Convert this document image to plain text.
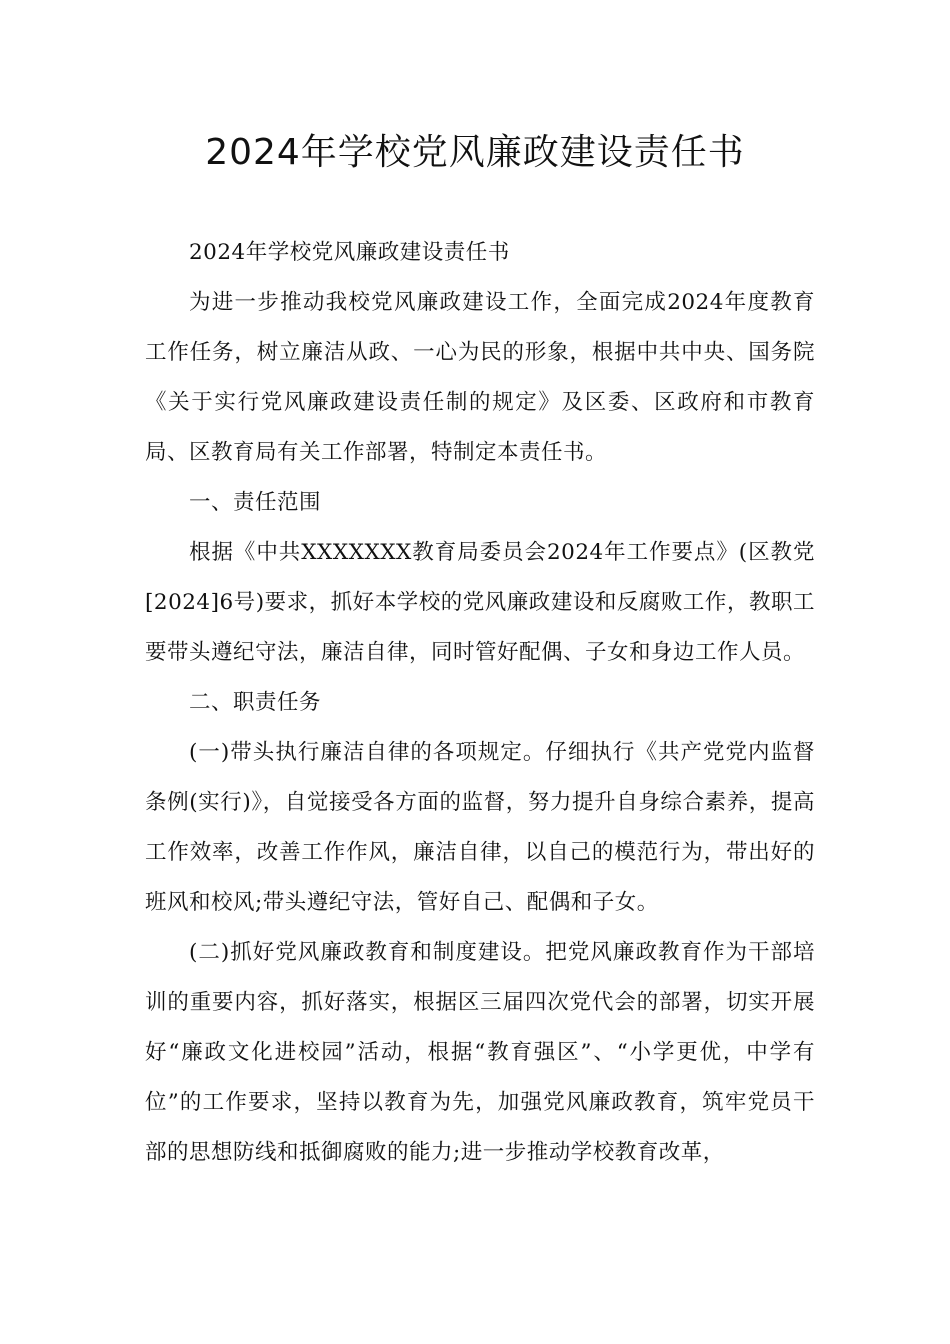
2024年学校党风廉政建设责任书

2024年学校党风廉政建设责任书

为进一步推动我校党风廉政建设工作，全面完成2024年度教育工作任务，树立廉洁从政、一心为民的形象，根据中共中央、国务院《关于实行党风廉政建设责任制的规定》及区委、区政府和市教育局、区教育局有关工作部署，特制定本责任书。

一、责任范围

根据《中共XXXXXXX教育局委员会2024年工作要点》(区教党[2024]6号)要求，抓好本学校的党风廉政建设和反腐败工作，教职工要带头遵纪守法，廉洁自律，同时管好配偶、子女和身边工作人员。

二、职责任务

(一)带头执行廉洁自律的各项规定。仔细执行《共产党党内监督条例(实行)》，自觉接受各方面的监督，努力提升自身综合素养，提高工作效率，改善工作作风，廉洁自律，以自己的模范行为，带出好的班风和校风;带头遵纪守法，管好自己、配偶和子女。

(二)抓好党风廉政教育和制度建设。把党风廉政教育作为干部培训的重要内容，抓好落实，根据区三届四次党代会的部署，切实开展好“廉政文化进校园”活动，根据“教育强区”、“小学更优，中学有位”的工作要求，坚持以教育为先，加强党风廉政教育，筑牢党员干部的思想防线和抵御腐败的能力;进一步推动学校教育改革，
